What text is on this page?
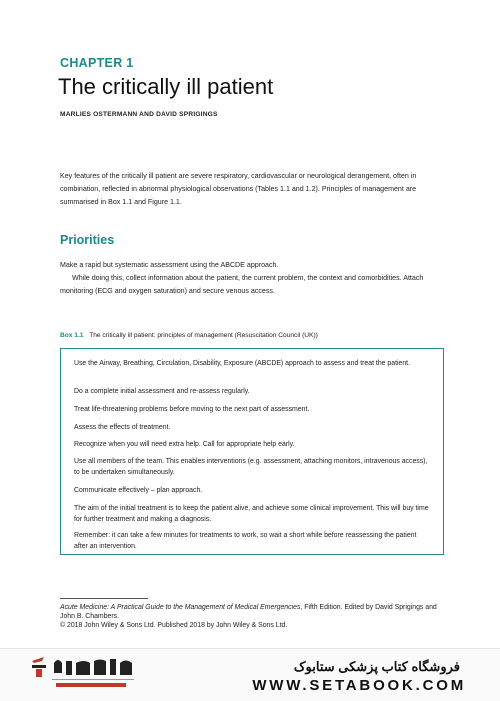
CHAPTER 1
The critically ill patient
MARLIES OSTERMANN AND DAVID SPRIGINGS
Key features of the critically ill patient are severe respiratory, cardiovascular or neurological derangement, often in combination, reflected in abnormal physiological observations (Tables 1.1 and 1.2). Principles of management are summarised in Box 1.1 and Figure 1.1.
Priorities

Make a rapid but systematic assessment using the ABCDE approach.

While doing this, collect information about the patient, the current problem, the context and comorbidities. Attach monitoring (ECG and oxygen saturation) and secure venous access.

Box 1.1 The critically ill patient: principles of management (Resuscitation Council (UK))
Use the Airway, Breathing, Circulation, Disability, Exposure (ABCDE) approach to assess and treat the patient.
Do a complete initial assessment and re-assess regularly.
Treat life-threatening problems before moving to the next part of assessment.
Assess the effects of treatment.
Recognize when you will need extra help. Call for appropriate help early.
Use all members of the team. This enables interventions (e.g. assessment, attaching monitors, intravenous access), to be undertaken simultaneously.
Communicate effectively – plan approach.
The aim of the initial treatment is to keep the patient alive, and achieve some clinical improvement. This will buy time for further treatment and making a diagnosis.
Remember: it can take a few minutes for treatments to work, so wait a short while before reassessing the patient after an intervention.
Acute Medicine: A Practical Guide to the Management of Medical Emergencies, Fifth Edition. Edited by David Sprigings and John B. Chambers.
© 2018 John Wiley & Sons Ltd. Published 2018 by John Wiley & Sons Ltd.
فروشگاه کتاب پزشکی ستابوک
WWW.SETABOOK.COM
